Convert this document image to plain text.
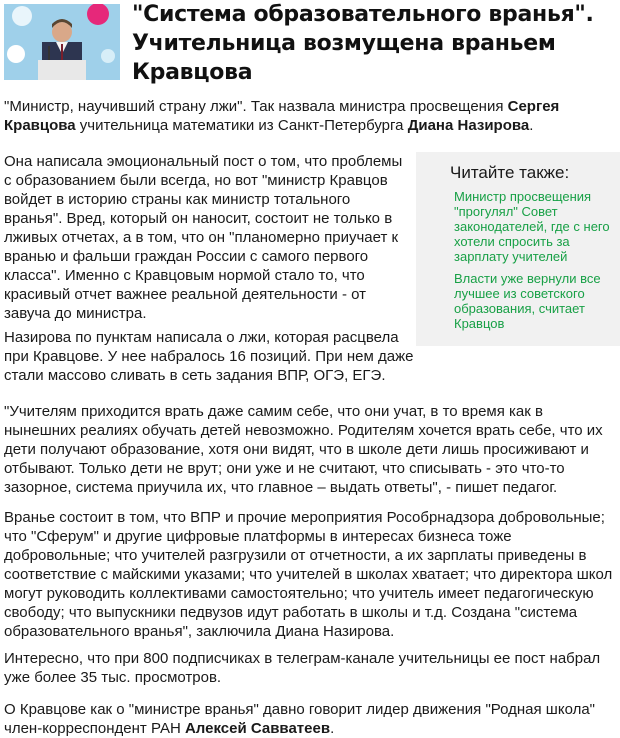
"Система образовательного вранья". Учительница возмущена враньем Кравцова
"Министр, научивший страну лжи". Так назвала министра просвещения Сергея Кравцова учительница математики из Санкт-Петербурга Диана Назирова.
Она написала эмоциональный пост о том, что проблемы с образованием были всегда, но вот "министр Кравцов войдет в историю страны как министр тотального вранья". Вред, который он наносит, состоит не только в лживых отчетах, а в том, что он "планомерно приучает к вранью и фальши граждан России с самого первого класса". Именно с Кравцовым нормой стало то, что красивый отчет важнее реальной деятельности - от завуча до министра.
Назирова по пунктам написала о лжи, которая расцвела при Кравцове. У нее набралось 16 позиций. При нем даже стали массово сливать в сеть задания ВПР, ОГЭ, ЕГЭ.
"Учителям приходится врать даже самим себе, что они учат, в то время как в нынешних реалиях обучать детей невозможно. Родителям хочется врать себе, что их дети получают образование, хотя они видят, что в школе дети лишь просиживают и отбывают. Только дети не врут; они уже и не считают, что списывать - это что-то зазорное, система приучила их, что главное – выдать ответы", - пишет педагог.
Вранье состоит в том, что ВПР и прочие мероприятия Рособрнадзора добровольные; что "Сферум" и другие цифровые платформы в интересах бизнеса тоже добровольные; что учителей разгрузили от отчетности, а их зарплаты приведены в соответствие с майскими указами; что учителей в школах хватает; что директора школ могут руководить коллективами самостоятельно; что учитель имеет педагогическую свободу; что выпускники педвузов идут работать в школы и т.д. Создана "система образовательного вранья", заключила Диана Назирова.
Интересно, что при 800 подписчиках в телеграм-канале учительницы ее пост набрал уже более 35 тыс. просмотров.
О Кравцове как о "министре вранья" давно говорит лидер движения "Родная школа" член-корреспондент РАН Алексей Савватеев.
Читайте также:
Министр просвещения "прогулял" Совет законодателей, где с него хотели спросить за зарплату учителей
Власти уже вернули все лучшее из советского образования, считает Кравцов
